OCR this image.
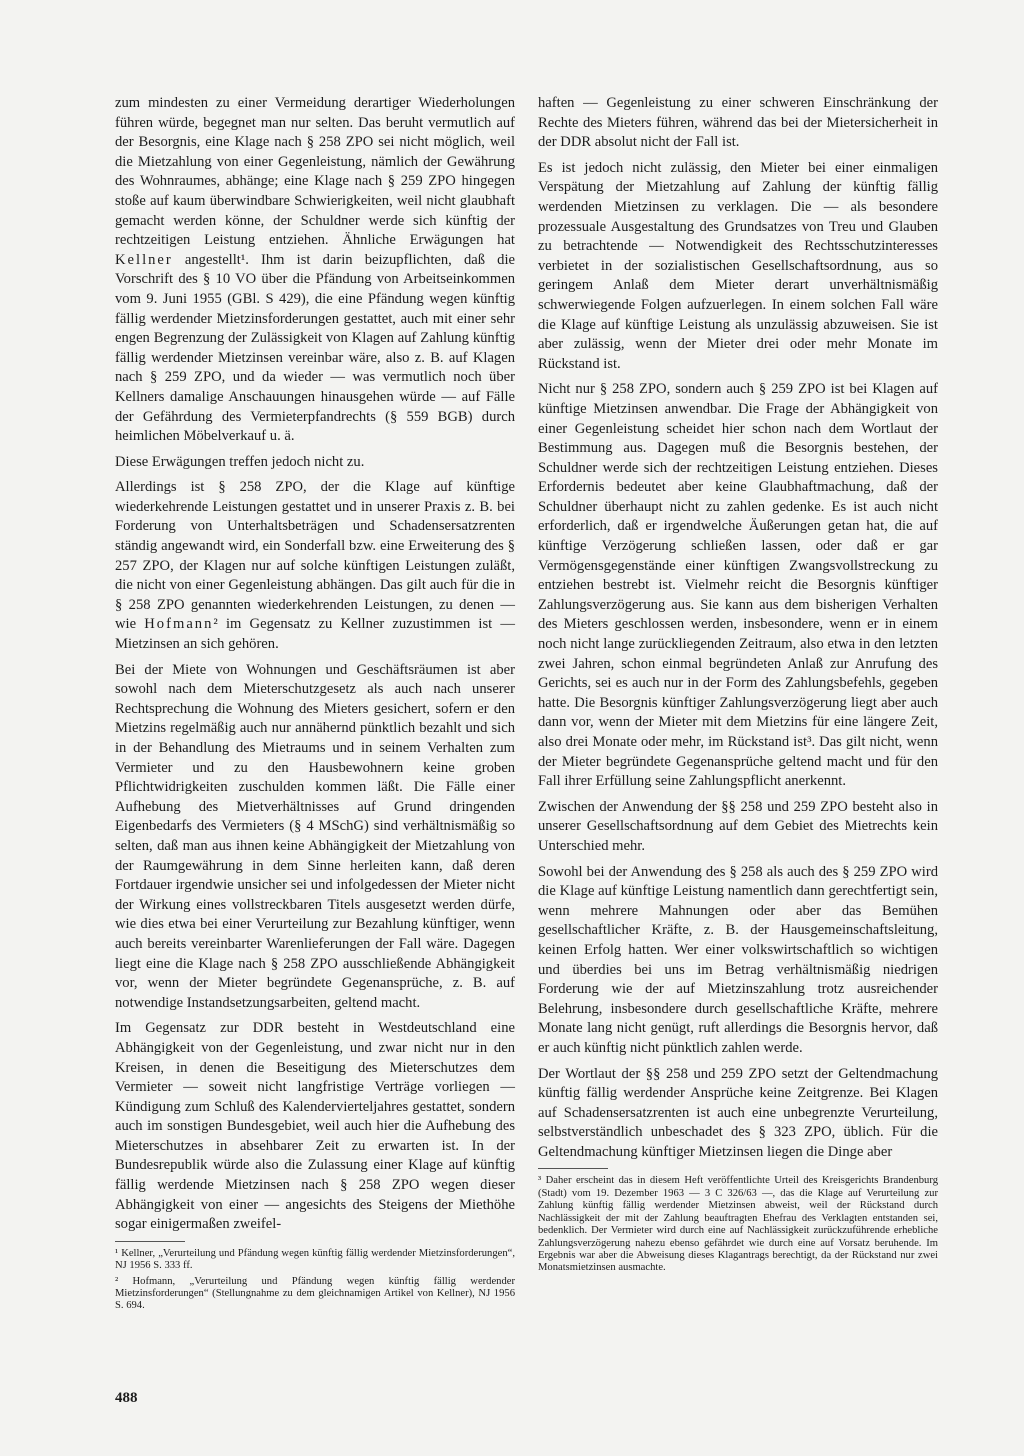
zum mindesten zu einer Vermeidung derartiger Wiederholungen führen würde, begegnet man nur selten. Das beruht vermutlich auf der Besorgnis, eine Klage nach § 258 ZPO sei nicht möglich, weil die Mietzahlung von einer Gegenleistung, nämlich der Gewährung des Wohnraumes, abhänge; eine Klage nach § 259 ZPO hingegen stoße auf kaum überwindbare Schwierigkeiten, weil nicht glaubhaft gemacht werden könne, der Schuldner werde sich künftig der rechtzeitigen Leistung entziehen. Ähnliche Erwägungen hat Kellner angestellt¹. Ihm ist darin beizupflichten, daß die Vorschrift des § 10 VO über die Pfändung von Arbeitseinkommen vom 9. Juni 1955 (GBl. S 429), die eine Pfändung wegen künftig fällig werdender Mietzinsforderungen gestattet, auch mit einer sehr engen Begrenzung der Zulässigkeit von Klagen auf Zahlung künftig fällig werdender Mietzinsen vereinbar wäre, also z. B. auf Klagen nach § 259 ZPO, und da wieder — was vermutlich noch über Kellners damalige Anschauungen hinausgehen würde — auf Fälle der Gefährdung des Vermieterpfandrechts (§ 559 BGB) durch heimlichen Möbelverkauf u. ä.

Diese Erwägungen treffen jedoch nicht zu.

Allerdings ist § 258 ZPO, der die Klage auf künftige wiederkehrende Leistungen gestattet und in unserer Praxis z. B. bei Forderung von Unterhaltsbeträgen und Schadensersatzrenten ständig angewandt wird, ein Sonderfall bzw. eine Erweiterung des § 257 ZPO, der Klagen nur auf solche künftigen Leistungen zuläßt, die nicht von einer Gegenleistung abhängen. Das gilt auch für die in § 258 ZPO genannten wiederkehrenden Leistungen, zu denen — wie Hofmann² im Gegensatz zu Kellner zuzustimmen ist — Mietzinsen an sich gehören.

Bei der Miete von Wohnungen und Geschäftsräumen ist aber sowohl nach dem Mieterschutzgesetz als auch nach unserer Rechtsprechung die Wohnung des Mieters gesichert, sofern er den Mietzins regelmäßig auch nur annähernd pünktlich bezahlt und sich in der Behandlung des Mietraums und in seinem Verhalten zum Vermieter und zu den Hausbewohnern keine groben Pflichtwidrigkeiten zuschulden kommen läßt. Die Fälle einer Aufhebung des Mietverhältnisses auf Grund dringenden Eigenbedarfs des Vermieters (§ 4 MSchG) sind verhältnismäßig so selten, daß man aus ihnen keine Abhängigkeit der Mietzahlung von der Raumgewährung in dem Sinne herleiten kann, daß deren Fortdauer irgendwie unsicher sei und infolgedessen der Mieter nicht der Wirkung eines vollstreckbaren Titels ausgesetzt werden dürfe, wie dies etwa bei einer Verurteilung zur Bezahlung künftiger, wenn auch bereits vereinbarter Warenlieferungen der Fall wäre. Dagegen liegt eine die Klage nach § 258 ZPO ausschließende Abhängigkeit vor, wenn der Mieter begründete Gegenansprüche, z. B. auf notwendige Instandsetzungsarbeiten, geltend macht.

Im Gegensatz zur DDR besteht in Westdeutschland eine Abhängigkeit von der Gegenleistung, und zwar nicht nur in den Kreisen, in denen die Beseitigung des Mieterschutzes dem Vermieter — soweit nicht langfristige Verträge vorliegen — Kündigung zum Schluß des Kalendervierteljahres gestattet, sondern auch im sonstigen Bundesgebiet, weil auch hier die Aufhebung des Mieterschutzes in absehbarer Zeit zu erwarten ist. In der Bundesrepublik würde also die Zulassung einer Klage auf künftig fällig werdende Mietzinsen nach § 258 ZPO wegen dieser Abhängigkeit von einer — angesichts des Steigens der Miethöhe sogar einigermaßen zweifel-

¹ Kellner, „Verurteilung und Pfändung wegen künftig fällig werdender Mietzinsforderungen“, NJ 1956 S. 333 ff.

² Hofmann, „Verurteilung und Pfändung wegen künftig fällig werdender Mietzinsforderungen“ (Stellungnahme zu dem gleichnamigen Artikel von Kellner), NJ 1956 S. 694.

haften — Gegenleistung zu einer schweren Einschränkung der Rechte des Mieters führen, während das bei der Mietersicherheit in der DDR absolut nicht der Fall ist.

Es ist jedoch nicht zulässig, den Mieter bei einer einmaligen Verspätung der Mietzahlung auf Zahlung der künftig fällig werdenden Mietzinsen zu verklagen. Die — als besondere prozessuale Ausgestaltung des Grundsatzes von Treu und Glauben zu betrachtende — Notwendigkeit des Rechtsschutzinteresses verbietet in der sozialistischen Gesellschaftsordnung, aus so geringem Anlaß dem Mieter derart unverhältnismäßig schwerwiegende Folgen aufzuerlegen. In einem solchen Fall wäre die Klage auf künftige Leistung als unzulässig abzuweisen. Sie ist aber zulässig, wenn der Mieter drei oder mehr Monate im Rückstand ist.

Nicht nur § 258 ZPO, sondern auch § 259 ZPO ist bei Klagen auf künftige Mietzinsen anwendbar. Die Frage der Abhängigkeit von einer Gegenleistung scheidet hier schon nach dem Wortlaut der Bestimmung aus. Dagegen muß die Besorgnis bestehen, der Schuldner werde sich der rechtzeitigen Leistung entziehen. Dieses Erfordernis bedeutet aber keine Glaubhaftmachung, daß der Schuldner überhaupt nicht zu zahlen gedenke. Es ist auch nicht erforderlich, daß er irgendwelche Äußerungen getan hat, die auf künftige Verzögerung schließen lassen, oder daß er gar Vermögensgegenstände einer künftigen Zwangsvollstreckung zu entziehen bestrebt ist. Vielmehr reicht die Besorgnis künftiger Zahlungsverzögerung aus. Sie kann aus dem bisherigen Verhalten des Mieters geschlossen werden, insbesondere, wenn er in einem noch nicht lange zurückliegenden Zeitraum, also etwa in den letzten zwei Jahren, schon einmal begründeten Anlaß zur Anrufung des Gerichts, sei es auch nur in der Form des Zahlungsbefehls, gegeben hatte. Die Besorgnis künftiger Zahlungsverzögerung liegt aber auch dann vor, wenn der Mieter mit dem Mietzins für eine längere Zeit, also drei Monate oder mehr, im Rückstand ist³. Das gilt nicht, wenn der Mieter begründete Gegenansprüche geltend macht und für den Fall ihrer Erfüllung seine Zahlungspflicht anerkennt.

Zwischen der Anwendung der §§ 258 und 259 ZPO besteht also in unserer Gesellschaftsordnung auf dem Gebiet des Mietrechts kein Unterschied mehr.

Sowohl bei der Anwendung des § 258 als auch des § 259 ZPO wird die Klage auf künftige Leistung namentlich dann gerechtfertigt sein, wenn mehrere Mahnungen oder aber das Bemühen gesellschaftlicher Kräfte, z. B. der Hausgemeinschaftsleitung, keinen Erfolg hatten. Wer einer volkswirtschaftlich so wichtigen und überdies bei uns im Betrag verhältnismäßig niedrigen Forderung wie der auf Mietzinszahlung trotz ausreichender Belehrung, insbesondere durch gesellschaftliche Kräfte, mehrere Monate lang nicht genügt, ruft allerdings die Besorgnis hervor, daß er auch künftig nicht pünktlich zahlen werde.

Der Wortlaut der §§ 258 und 259 ZPO setzt der Geltendmachung künftig fällig werdender Ansprüche keine Zeitgrenze. Bei Klagen auf Schadensersatzrenten ist auch eine unbegrenzte Verurteilung, selbstverständlich unbeschadet des § 323 ZPO, üblich. Für die Geltendmachung künftiger Mietzinsen liegen die Dinge aber

³ Daher erscheint das in diesem Heft veröffentlichte Urteil des Kreisgerichts Brandenburg (Stadt) vom 19. Dezember 1963 — 3 C 326/63 —, das die Klage auf Verurteilung zur Zahlung künftig fällig werdender Mietzinsen abweist, weil der Rückstand durch Nachlässigkeit der mit der Zahlung beauftragten Ehefrau des Verklagten entstanden sei, bedenklich. Der Vermieter wird durch eine auf Nachlässigkeit zurückzuführende erhebliche Zahlungsverzögerung nahezu ebenso gefährdet wie durch eine auf Vorsatz beruhende. Im Ergebnis war aber die Abweisung dieses Klagantrags berechtigt, da der Rückstand nur zwei Monatsmietzinsen ausmachte.

488
